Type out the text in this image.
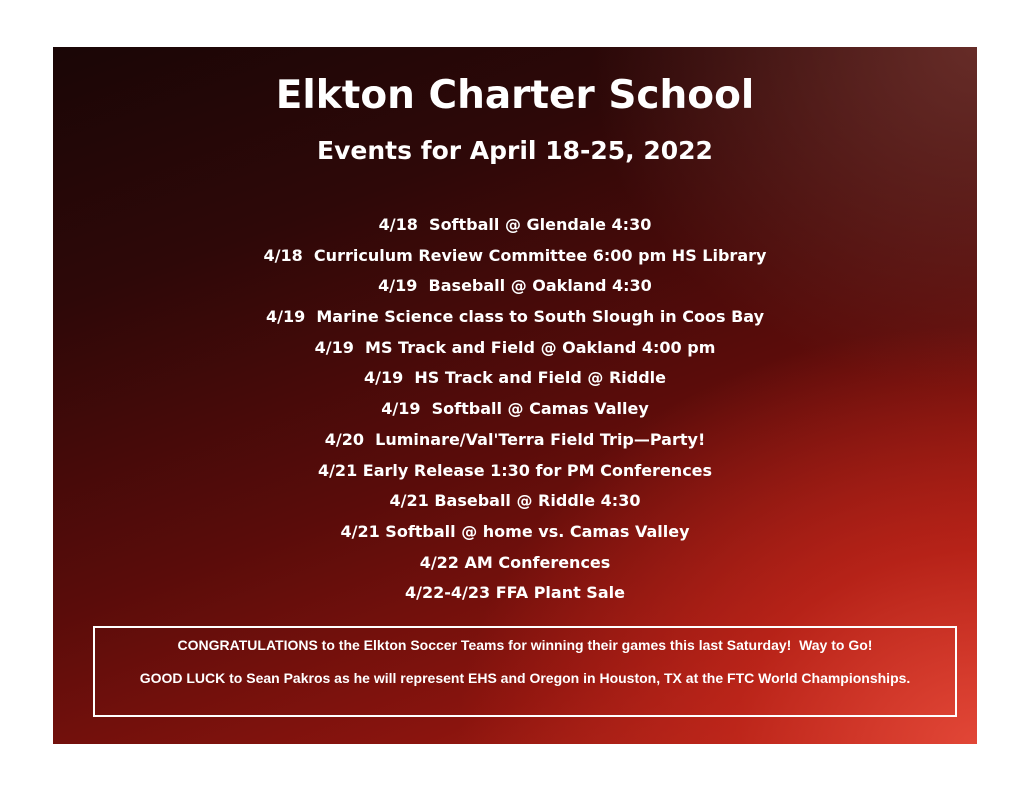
Elkton Charter School
Events for April 18-25, 2022
4/18  Softball @ Glendale 4:30
4/18  Curriculum Review Committee 6:00 pm HS Library
4/19  Baseball @ Oakland 4:30
4/19  Marine Science class to South Slough in Coos Bay
4/19  MS Track and Field @ Oakland 4:00 pm
4/19  HS Track and Field @ Riddle
4/19  Softball @ Camas Valley
4/20  Luminare/Val'Terra Field Trip—Party!
4/21 Early Release 1:30 for PM Conferences
4/21 Baseball @ Riddle 4:30
4/21 Softball @ home vs. Camas Valley
4/22 AM Conferences
4/22-4/23 FFA Plant Sale

CONGRATULATIONS to the Elkton Soccer Teams for winning their games this last Saturday!  Way to Go!

GOOD LUCK to Sean Pakros as he will represent EHS and Oregon in Houston, TX at the FTC World Championships.
